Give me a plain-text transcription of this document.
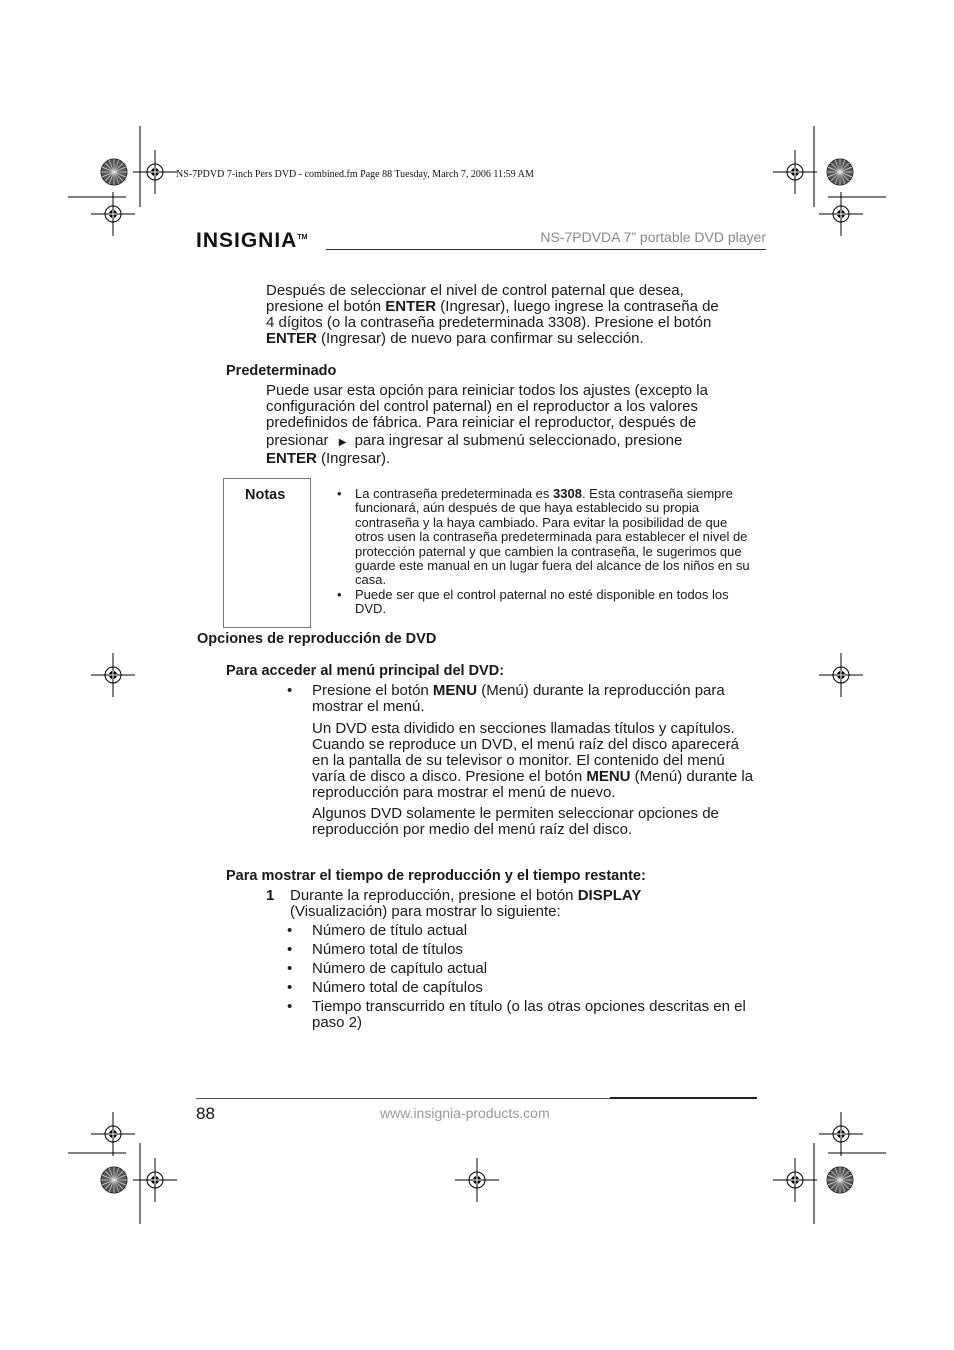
NS-7PDVD 7-inch Pers DVD - combined.fm Page 88 Tuesday, March 7, 2006 11:59 AM
INSIGNIA™	NS-7PDVDA 7” portable DVD player
Después de seleccionar el nivel de control paternal que desea,
presione el botón ENTER (Ingresar), luego ingrese la contraseña de
4 dígitos (o la contraseña predeterminada 3308). Presione el botón
ENTER (Ingresar) de nuevo para confirmar su selección.
Predeterminado
Puede usar esta opción para reiniciar todos los ajustes (excepto la
configuración del control paternal) en el reproductor a los valores
predefinidos de fábrica. Para reiniciar el reproductor, después de
presionar ▶ para ingresar al submenú seleccionado, presione
ENTER (Ingresar).
Notas	• La contraseña predeterminada es 3308. Esta contraseña siempre funcionará, aún después de que haya establecido su propia contraseña y la haya cambiado. Para evitar la posibilidad de que otros usen la contraseña predeterminada para establecer el nivel de protección paternal y que cambien la contraseña, le sugerimos que guarde este manual en un lugar fuera del alcance de los niños en su casa.
• Puede ser que el control paternal no esté disponible en todos los DVD.
Opciones de reproducción de DVD
Para acceder al menú principal del DVD:
• Presione el botón MENU (Menú) durante la reproducción para mostrar el menú.
Un DVD esta dividido en secciones llamadas títulos y capítulos. Cuando se reproduce un DVD, el menú raíz del disco aparecerá en la pantalla de su televisor o monitor. El contenido del menú varía de disco a disco. Presione el botón MENU (Menú) durante la reproducción para mostrar el menú de nuevo.
Algunos DVD solamente le permiten seleccionar opciones de reproducción por medio del menú raíz del disco.
Para mostrar el tiempo de reproducción y el tiempo restante:
1 Durante la reproducción, presione el botón DISPLAY
(Visualización) para mostrar lo siguiente:
• Número de título actual
• Número total de títulos
• Número de capítulo actual
• Número total de capítulos
• Tiempo transcurrido en título (o las otras opciones descritas en el paso 2)
88	www.insignia-products.com
